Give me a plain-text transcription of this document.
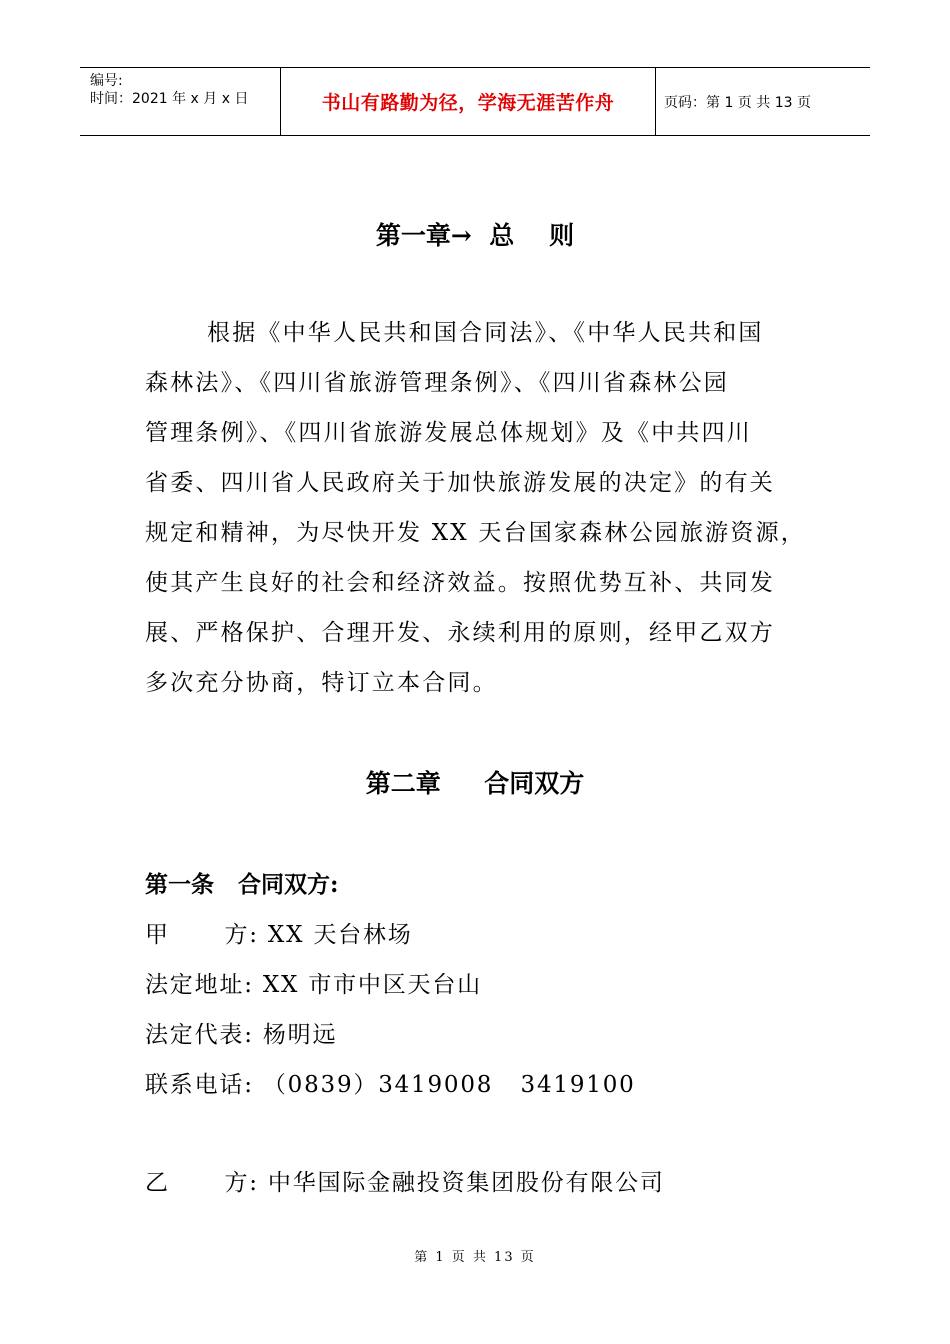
编号:
时间：2021 年 x 月 x 日	书山有路勤为径，学海无涯苦作舟	页码：第 1 页 共 13 页
第一章→  总    则
根据《中华人民共和国合同法》、《中华人民共和国
森林法》、《四川省旅游管理条例》、《四川省森林公园
管理条例》、《四川省旅游发展总体规划》及《中共四川
省委、四川省人民政府关于加快旅游发展的决定》的有关
规定和精神，为尽快开发 XX 天台国家森林公园旅游资源，
使其产生良好的社会和经济效益。按照优势互补、共同发
展、严格保护、合理开发、永续利用的原则，经甲乙双方
多次充分协商，特订立本合同。
第二章     合同双方
第一条   合同双方:
甲      方: XX 天台林场
法定地址: XX 市市中区天台山
法定代表: 杨明远
联系电话: （0839）3419008   3419100
乙      方: 中华国际金融投资集团股份有限公司
第 1 页 共 13 页
